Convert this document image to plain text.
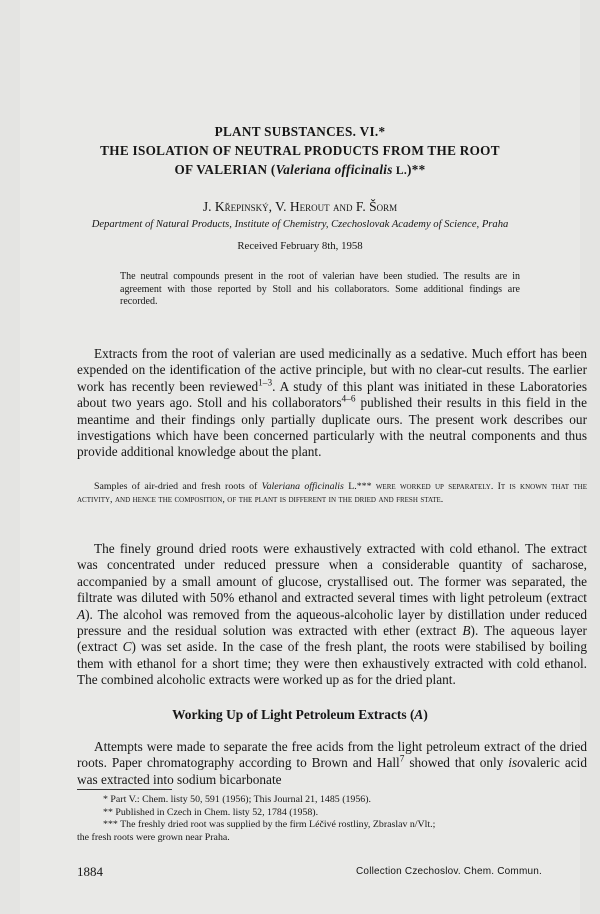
PLANT SUBSTANCES. VI.*
THE ISOLATION OF NEUTRAL PRODUCTS FROM THE ROOT
OF VALERIAN (Valeriana officinalis L.)**
J. Křepinský, V. Herout and F. Šorm
Department of Natural Products, Institute of Chemistry, Czechoslovak Academy of Science, Praha
Received February 8th, 1958
The neutral compounds present in the root of valerian have been studied. The results are in agreement with those reported by Stoll and his collaborators. Some additional findings are recorded.

Extracts from the root of valerian are used medicinally as a sedative. Much effort has been expended on the identification of the active principle, but with no clear-cut results. The earlier work has recently been reviewed$^{1-3}$. A study of this plant was initiated in these Laboratories about two years ago. Stoll and his collaborators$^{4-6}$ published their results in this field in the meantime and their findings only partially duplicate ours. The present work describes our investigations which have been concerned particularly with the neutral components and thus provide additional knowledge about the plant.

Samples of air-dried and fresh roots of Valeriana officinalis L.*** were worked up separately. It is known that the activity, and hence the composition, of the plant is different in the dried and fresh state.

The finely ground dried roots were exhaustively extracted with cold ethanol. The extract was concentrated under reduced pressure when a considerable quantity of sacharose, accompanied by a small amount of glucose, crystallised out. The former was separated, the filtrate was diluted with 50% ethanol and extracted several times with light petroleum (extract A). The alcohol was removed from the aqueous-alcoholic layer by distillation under reduced pressure and the residual solution was extracted with ether (extract B). The aqueous layer (extract C) was set aside. In the case of the fresh plant, the roots were stabilised by boiling them with ethanol for a short time; they were then exhaustively extracted with cold ethanol. The combined alcoholic extracts were worked up as for the dried plant.

Working Up of Light Petroleum Extracts (A)

Attempts were made to separate the free acids from the light petroleum extract of the dried roots. Paper chromatography according to Brown and Hall$^7$ showed that only isovaleric acid was extracted into sodium bicarbonate

* Part V.: Chem. listy 50, 591 (1956); This Journal 21, 1485 (1956).
** Published in Czech in Chem. listy 52, 1784 (1958).
*** The freshly dried root was supplied by the firm Léčivé rostliny, Zbraslav n/Vlt.;
the fresh roots were grown near Praha.
1884	Collection Czechoslov. Chem. Commun.
